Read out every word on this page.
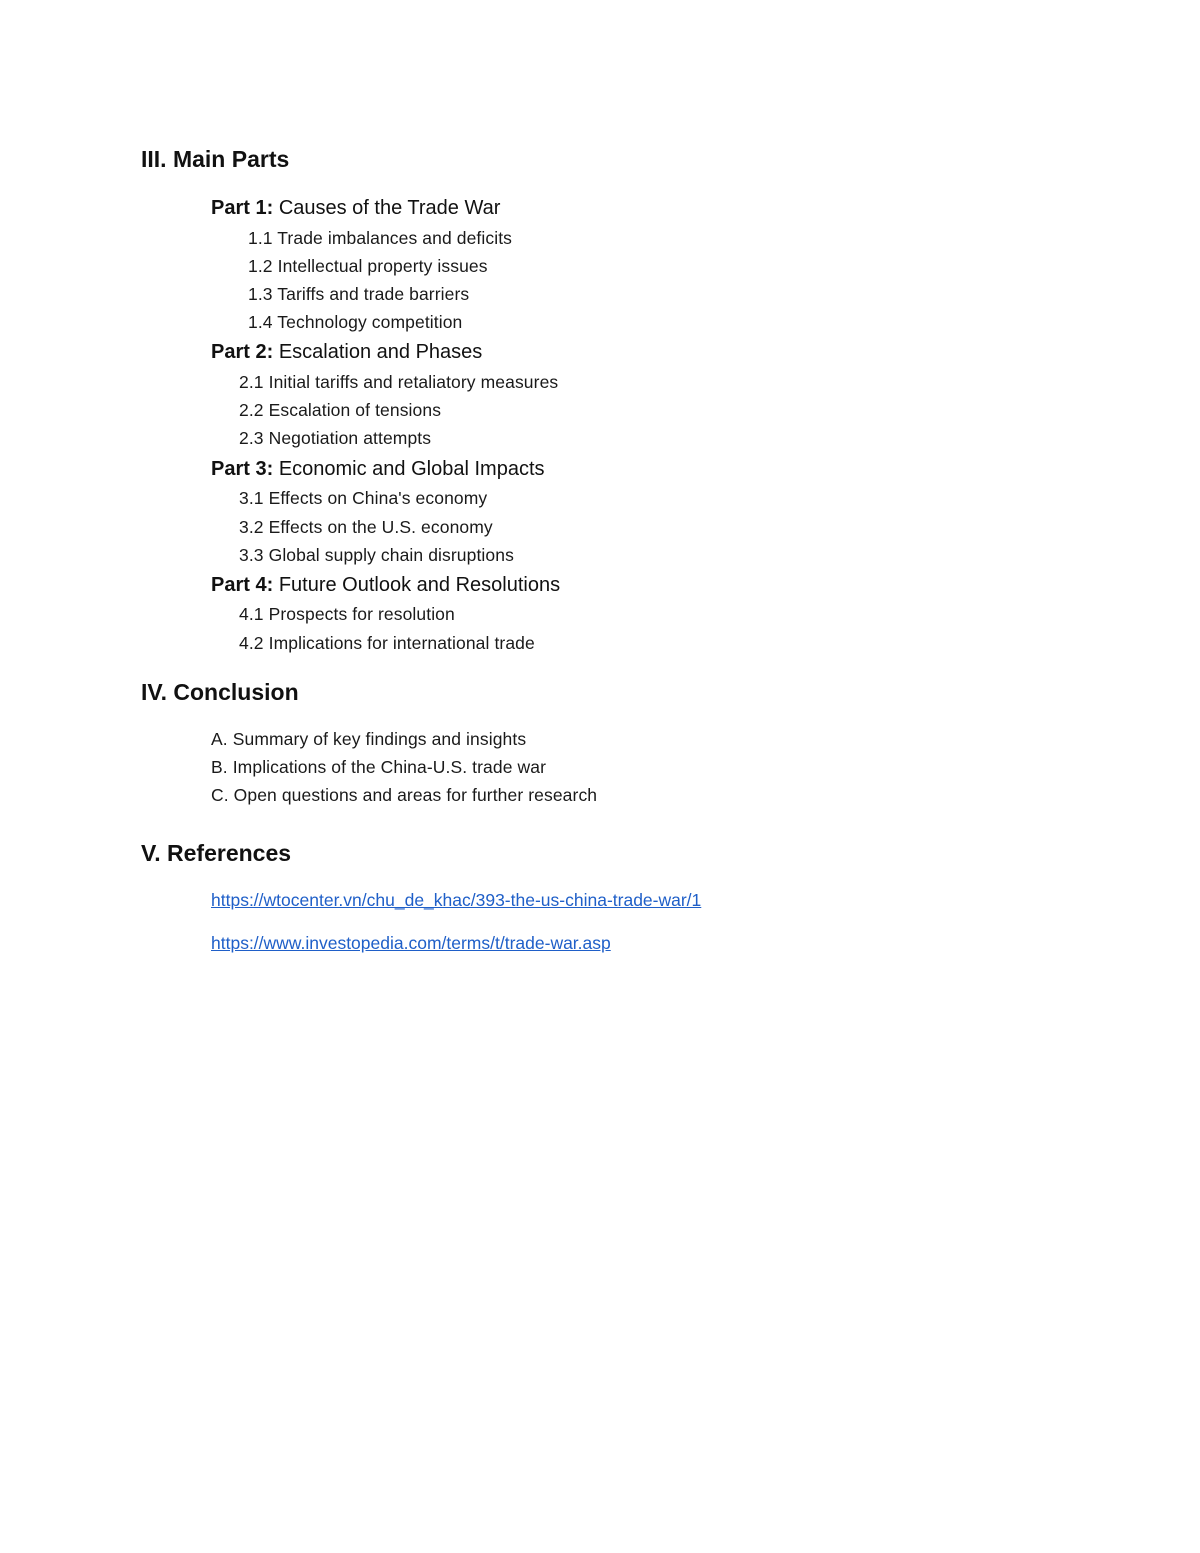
III. Main Parts
Part 1: Causes of the Trade War
1.1 Trade imbalances and deficits
1.2 Intellectual property issues
1.3 Tariffs and trade barriers
1.4 Technology competition
Part 2: Escalation and Phases
2.1 Initial tariffs and retaliatory measures
2.2 Escalation of tensions
2.3 Negotiation attempts
Part 3: Economic and Global Impacts
3.1 Effects on China's economy
3.2 Effects on the U.S. economy
3.3 Global supply chain disruptions
Part 4: Future Outlook and Resolutions
4.1 Prospects for resolution
4.2 Implications for international trade
IV. Conclusion
A. Summary of key findings and insights
B. Implications of the China-U.S. trade war
C. Open questions and areas for further research
V. References
https://wtocenter.vn/chu_de_khac/393-the-us-china-trade-war/1
https://www.investopedia.com/terms/t/trade-war.asp
